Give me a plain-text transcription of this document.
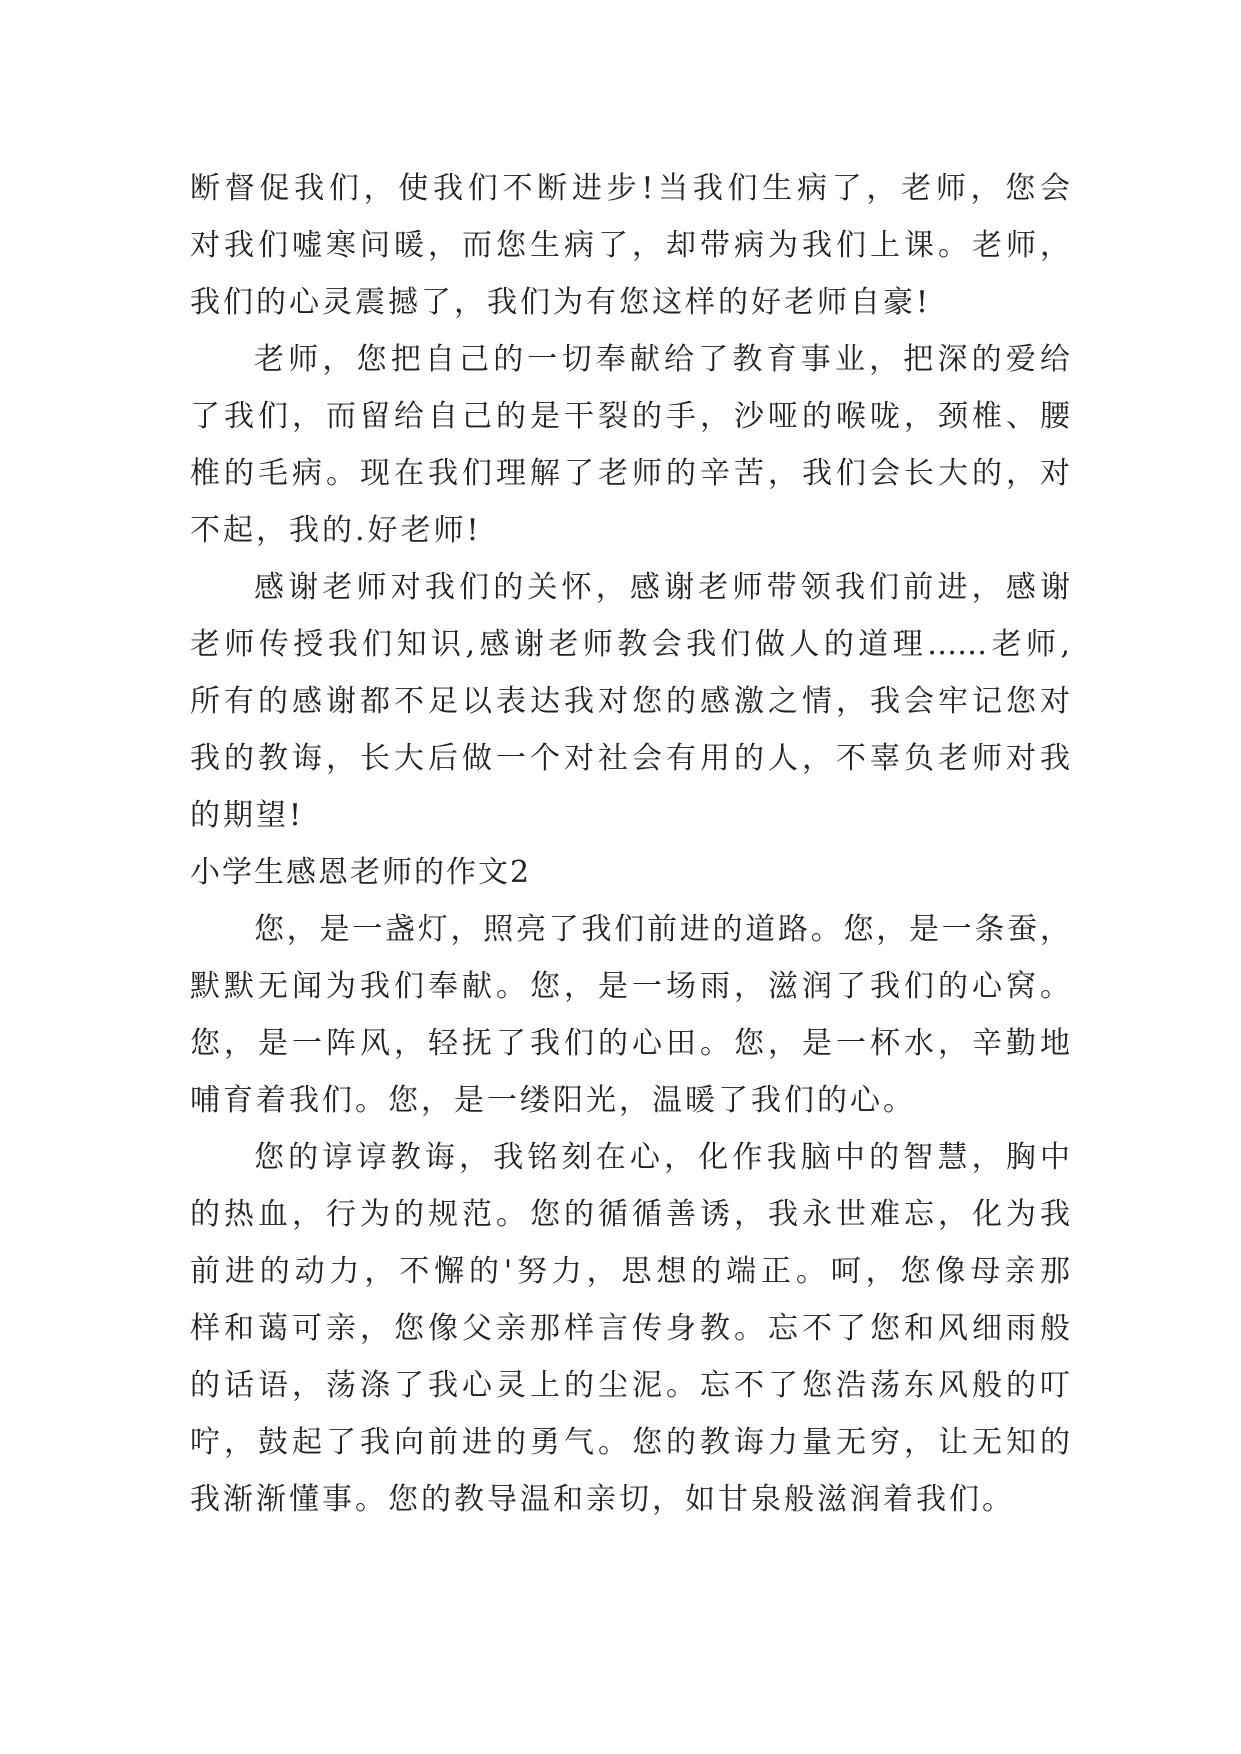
断督促我们，使我们不断进步!当我们生病了，老师，您会
对我们嘘寒问暖，而您生病了，却带病为我们上课。老师，
我们的心灵震撼了，我们为有您这样的好老师自豪!
老师，您把自己的一切奉献给了教育事业，把深的爱给
了我们，而留给自己的是干裂的手，沙哑的喉咙，颈椎、腰
椎的毛病。现在我们理解了老师的辛苦，我们会长大的，对
不起，我的.好老师!
感谢老师对我们的关怀，感谢老师带领我们前进，感谢
老师传授我们知识,感谢老师教会我们做人的道理……老师,
所有的感谢都不足以表达我对您的感激之情，我会牢记您对
我的教诲，长大后做一个对社会有用的人，不辜负老师对我
的期望!
小学生感恩老师的作文2
您，是一盏灯，照亮了我们前进的道路。您，是一条蚕，
默默无闻为我们奉献。您，是一场雨，滋润了我们的心窝。
您，是一阵风，轻抚了我们的心田。您，是一杯水，辛勤地
哺育着我们。您，是一缕阳光，温暖了我们的心。
您的谆谆教诲，我铭刻在心，化作我脑中的智慧，胸中
的热血，行为的规范。您的循循善诱，我永世难忘，化为我
前进的动力，不懈的'努力，思想的端正。呵，您像母亲那
样和蔼可亲，您像父亲那样言传身教。忘不了您和风细雨般
的话语，荡涤了我心灵上的尘泥。忘不了您浩荡东风般的叮
咛，鼓起了我向前进的勇气。您的教诲力量无穷，让无知的
我渐渐懂事。您的教导温和亲切，如甘泉般滋润着我们。
